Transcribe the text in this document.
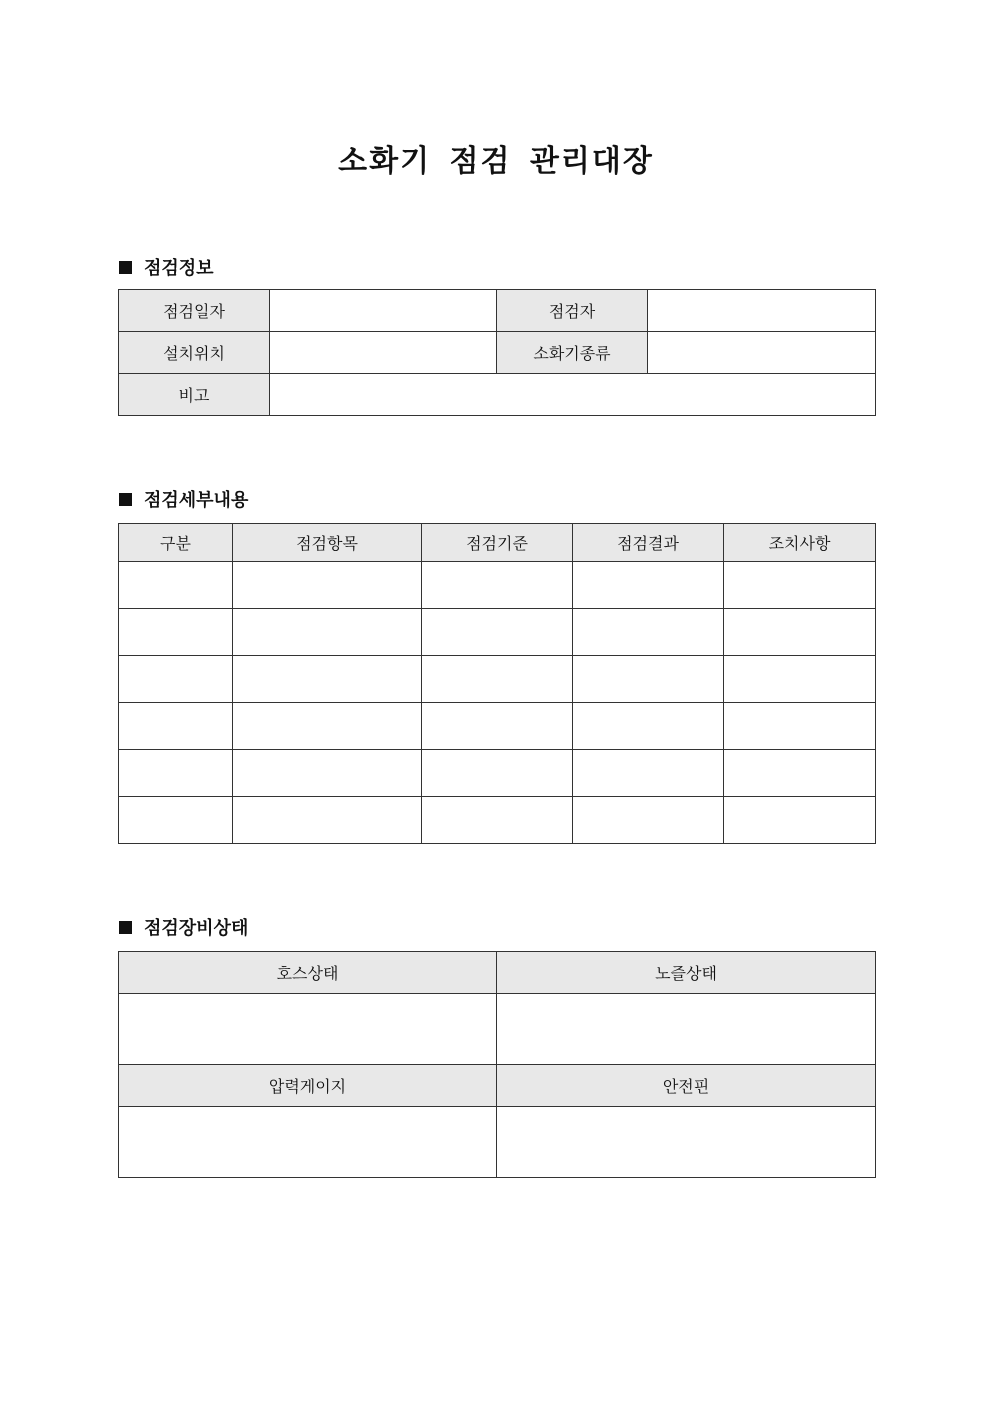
소화기 점검 관리대장
점검정보
점검일자		점검자	
설치위치		소화기종류	
비고			
점검세부내용
구분	점검항목	점검기준	점검결과	조치사항

점검장비상태
호스상태	노즐상태

압력게이지	안전핀
